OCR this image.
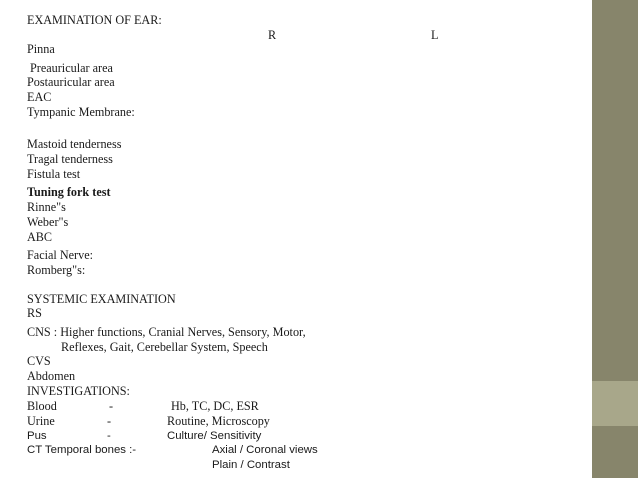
EXAMINATION OF EAR:
R	L
Pinna
Preauricular area
Postauricular area
EAC
Tympanic Membrane:
Mastoid tenderness
Tragal tenderness
Fistula test
Tuning fork test
Rinne"s
Weber"s
ABC
Facial Nerve:
Romberg"s:
SYSTEMIC EXAMINATION
RS
CNS : Higher functions, Cranial Nerves, Sensory, Motor,
Reflexes, Gait, Cerebellar System, Speech
CVS
Abdomen
INVESTIGATIONS:
Blood	-	Hb, TC, DC, ESR
Urine	-	Routine, Microscopy
Pus	-	Culture/ Sensitivity
CT Temporal bones :-	Axial / Coronal views
Plain / Contrast
